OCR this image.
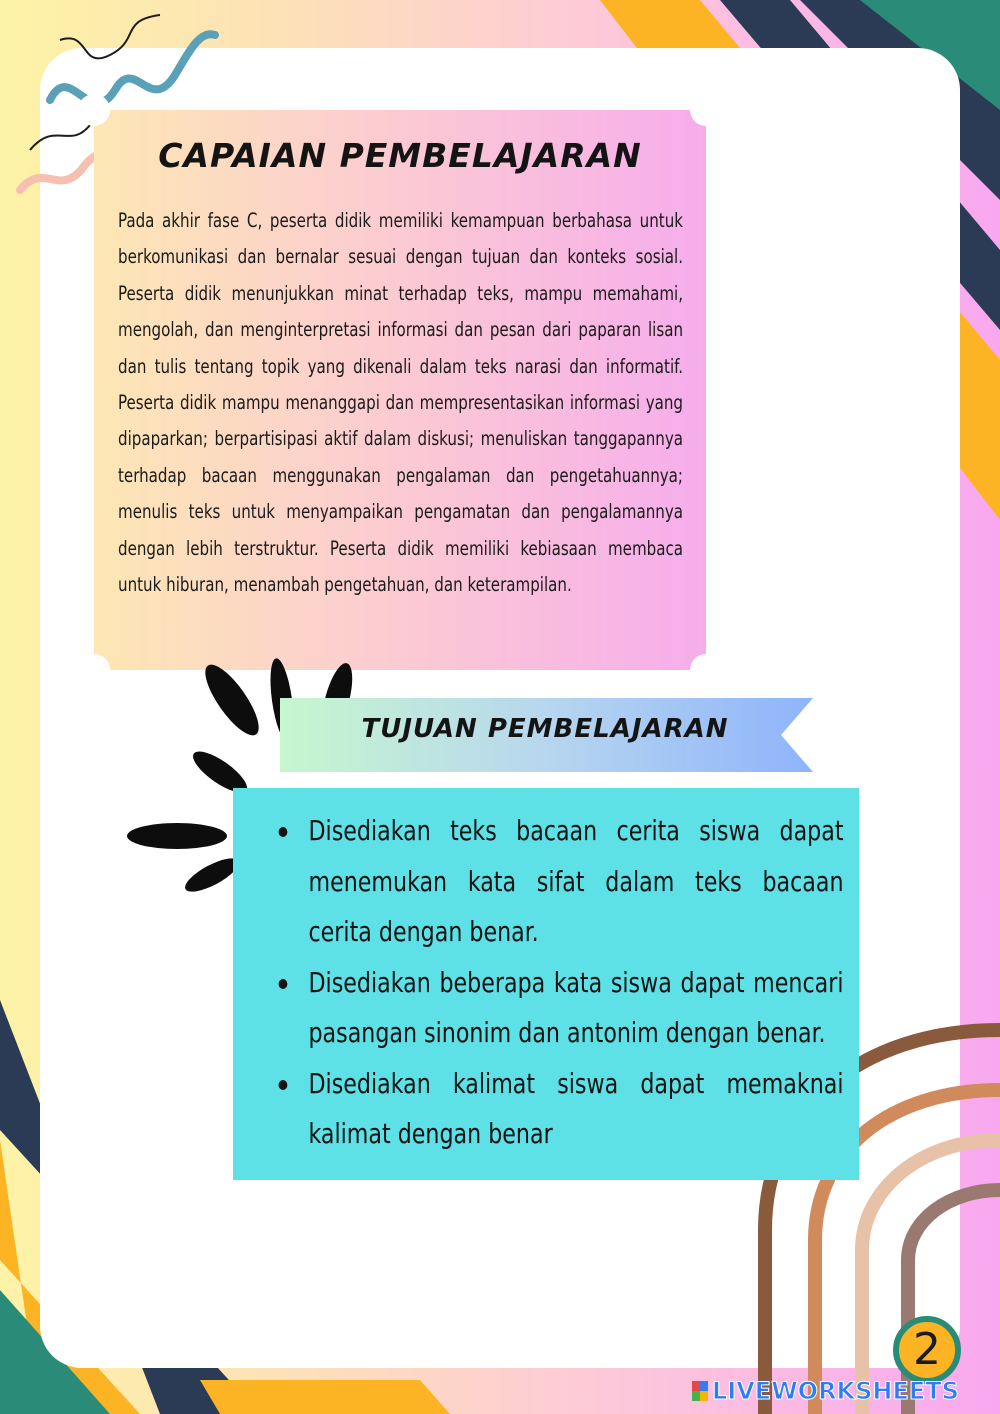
CAPAIAN PEMBELAJARAN

Pada akhir fase C, peserta didik memiliki kemampuan berbahasa untuk berkomunikasi dan bernalar sesuai dengan tujuan dan konteks sosial. Peserta didik menunjukkan minat terhadap teks, mampu memahami, mengolah, dan menginterpretasi informasi dan pesan dari paparan lisan dan tulis tentang topik yang dikenali dalam teks narasi dan informatif. Peserta didik mampu menanggapi dan mempresentasikan informasi yang dipaparkan; berpartisipasi aktif dalam diskusi; menuliskan tanggapannya terhadap bacaan menggunakan pengalaman dan pengetahuannya; menulis teks untuk menyampaikan pengamatan dan pengalamannya dengan lebih terstruktur. Peserta didik memiliki kebiasaan membaca untuk hiburan, menambah pengetahuan, dan keterampilan.

TUJUAN PEMBELAJARAN
Disediakan teks bacaan cerita siswa dapat menemukan kata sifat dalam teks bacaan cerita dengan benar.
Disediakan beberapa kata siswa dapat mencari pasangan sinonim dan antonim dengan benar.
Disediakan kalimat siswa dapat memaknai kalimat dengan benar
2
LIVEWORKSHEETS
